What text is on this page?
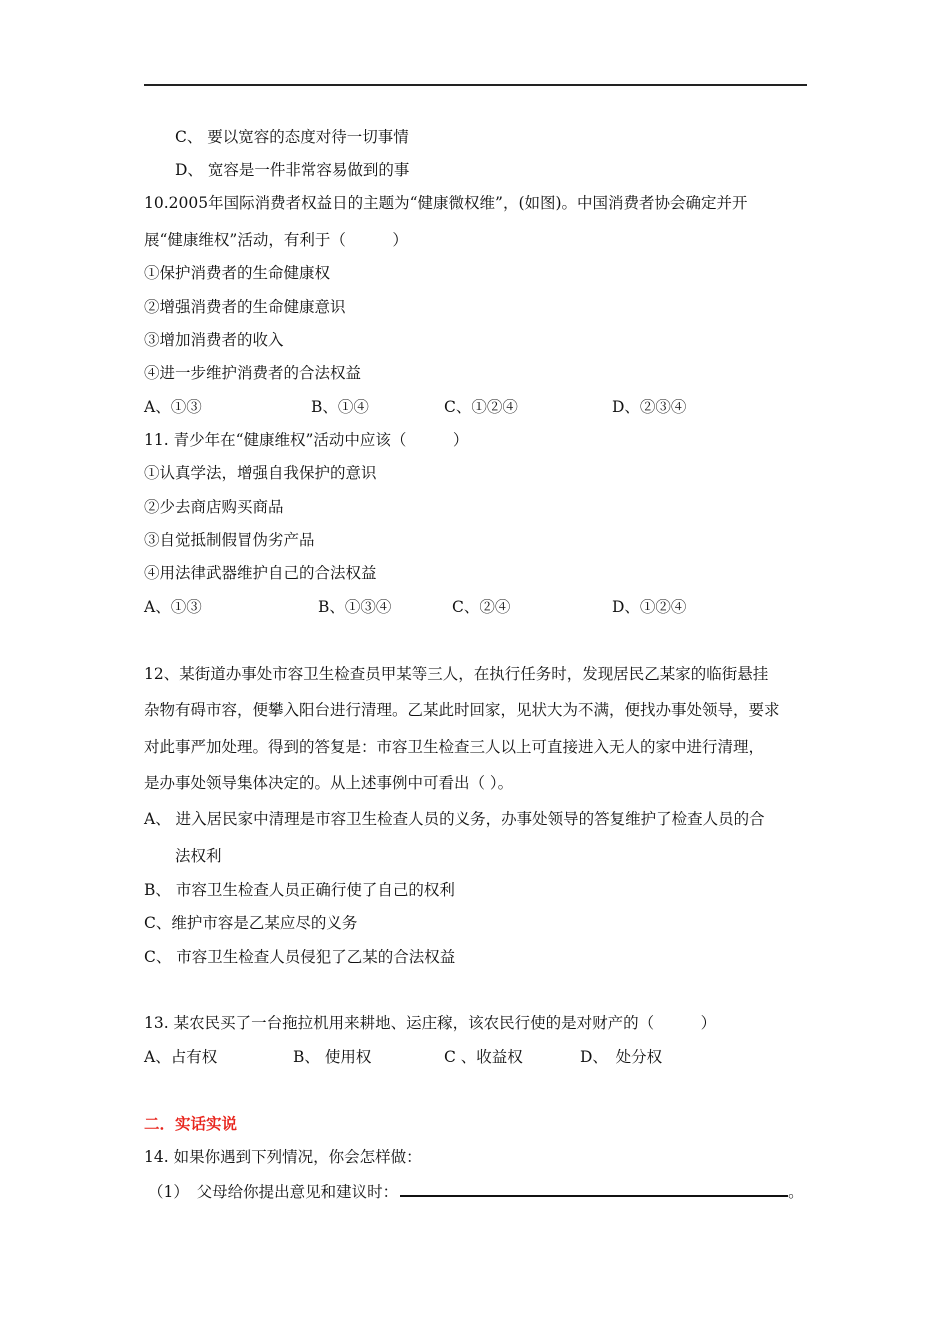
C、 要以宽容的态度对待一切事情
D、 宽容是一件非常容易做到的事
10.2005年国际消费者权益日的主题为“健康微权维”，(如图)。中国消费者协会确定并开
展“健康维权”活动，有利于（　　　）
①保护消费者的生命健康权
②增强消费者的生命健康意识
③增加消费者的收入
④进一步维护消费者的合法权益
A、①③	B、①④	C、①②④	D、②③④
11. 青少年在“健康维权”活动中应该（　　　）
①认真学法，增强自我保护的意识
②少去商店购买商品
③自觉抵制假冒伪劣产品
④用法律武器维护自己的合法权益
A、①③	B、①③④	C、②④	D、①②④
12、某街道办事处市容卫生检查员甲某等三人，在执行任务时，发现居民乙某家的临街悬挂
杂物有碍市容，便攀入阳台进行清理。乙某此时回家，见状大为不满，便找办事处领导，要求
对此事严加处理。得到的答复是：市容卫生检查三人以上可直接进入无人的家中进行清理，
是办事处领导集体决定的。从上述事例中可看出（ ）。
A、 进入居民家中清理是市容卫生检查人员的义务，办事处领导的答复维护了检查人员的合
法权利
B、 市容卫生检查人员正确行使了自己的权利
C、维护市容是乙某应尽的义务
C、 市容卫生检查人员侵犯了乙某的合法权益
13. 某农民买了一台拖拉机用来耕地、运庄稼，该农民行使的是对财产的（　　　）
A、占有权	B、 使用权	C 、收益权	D、　处分权
二．实话实说
14. 如果你遇到下列情况，你会怎样做：
（1）　父母给你提出意见和建议时：	。
